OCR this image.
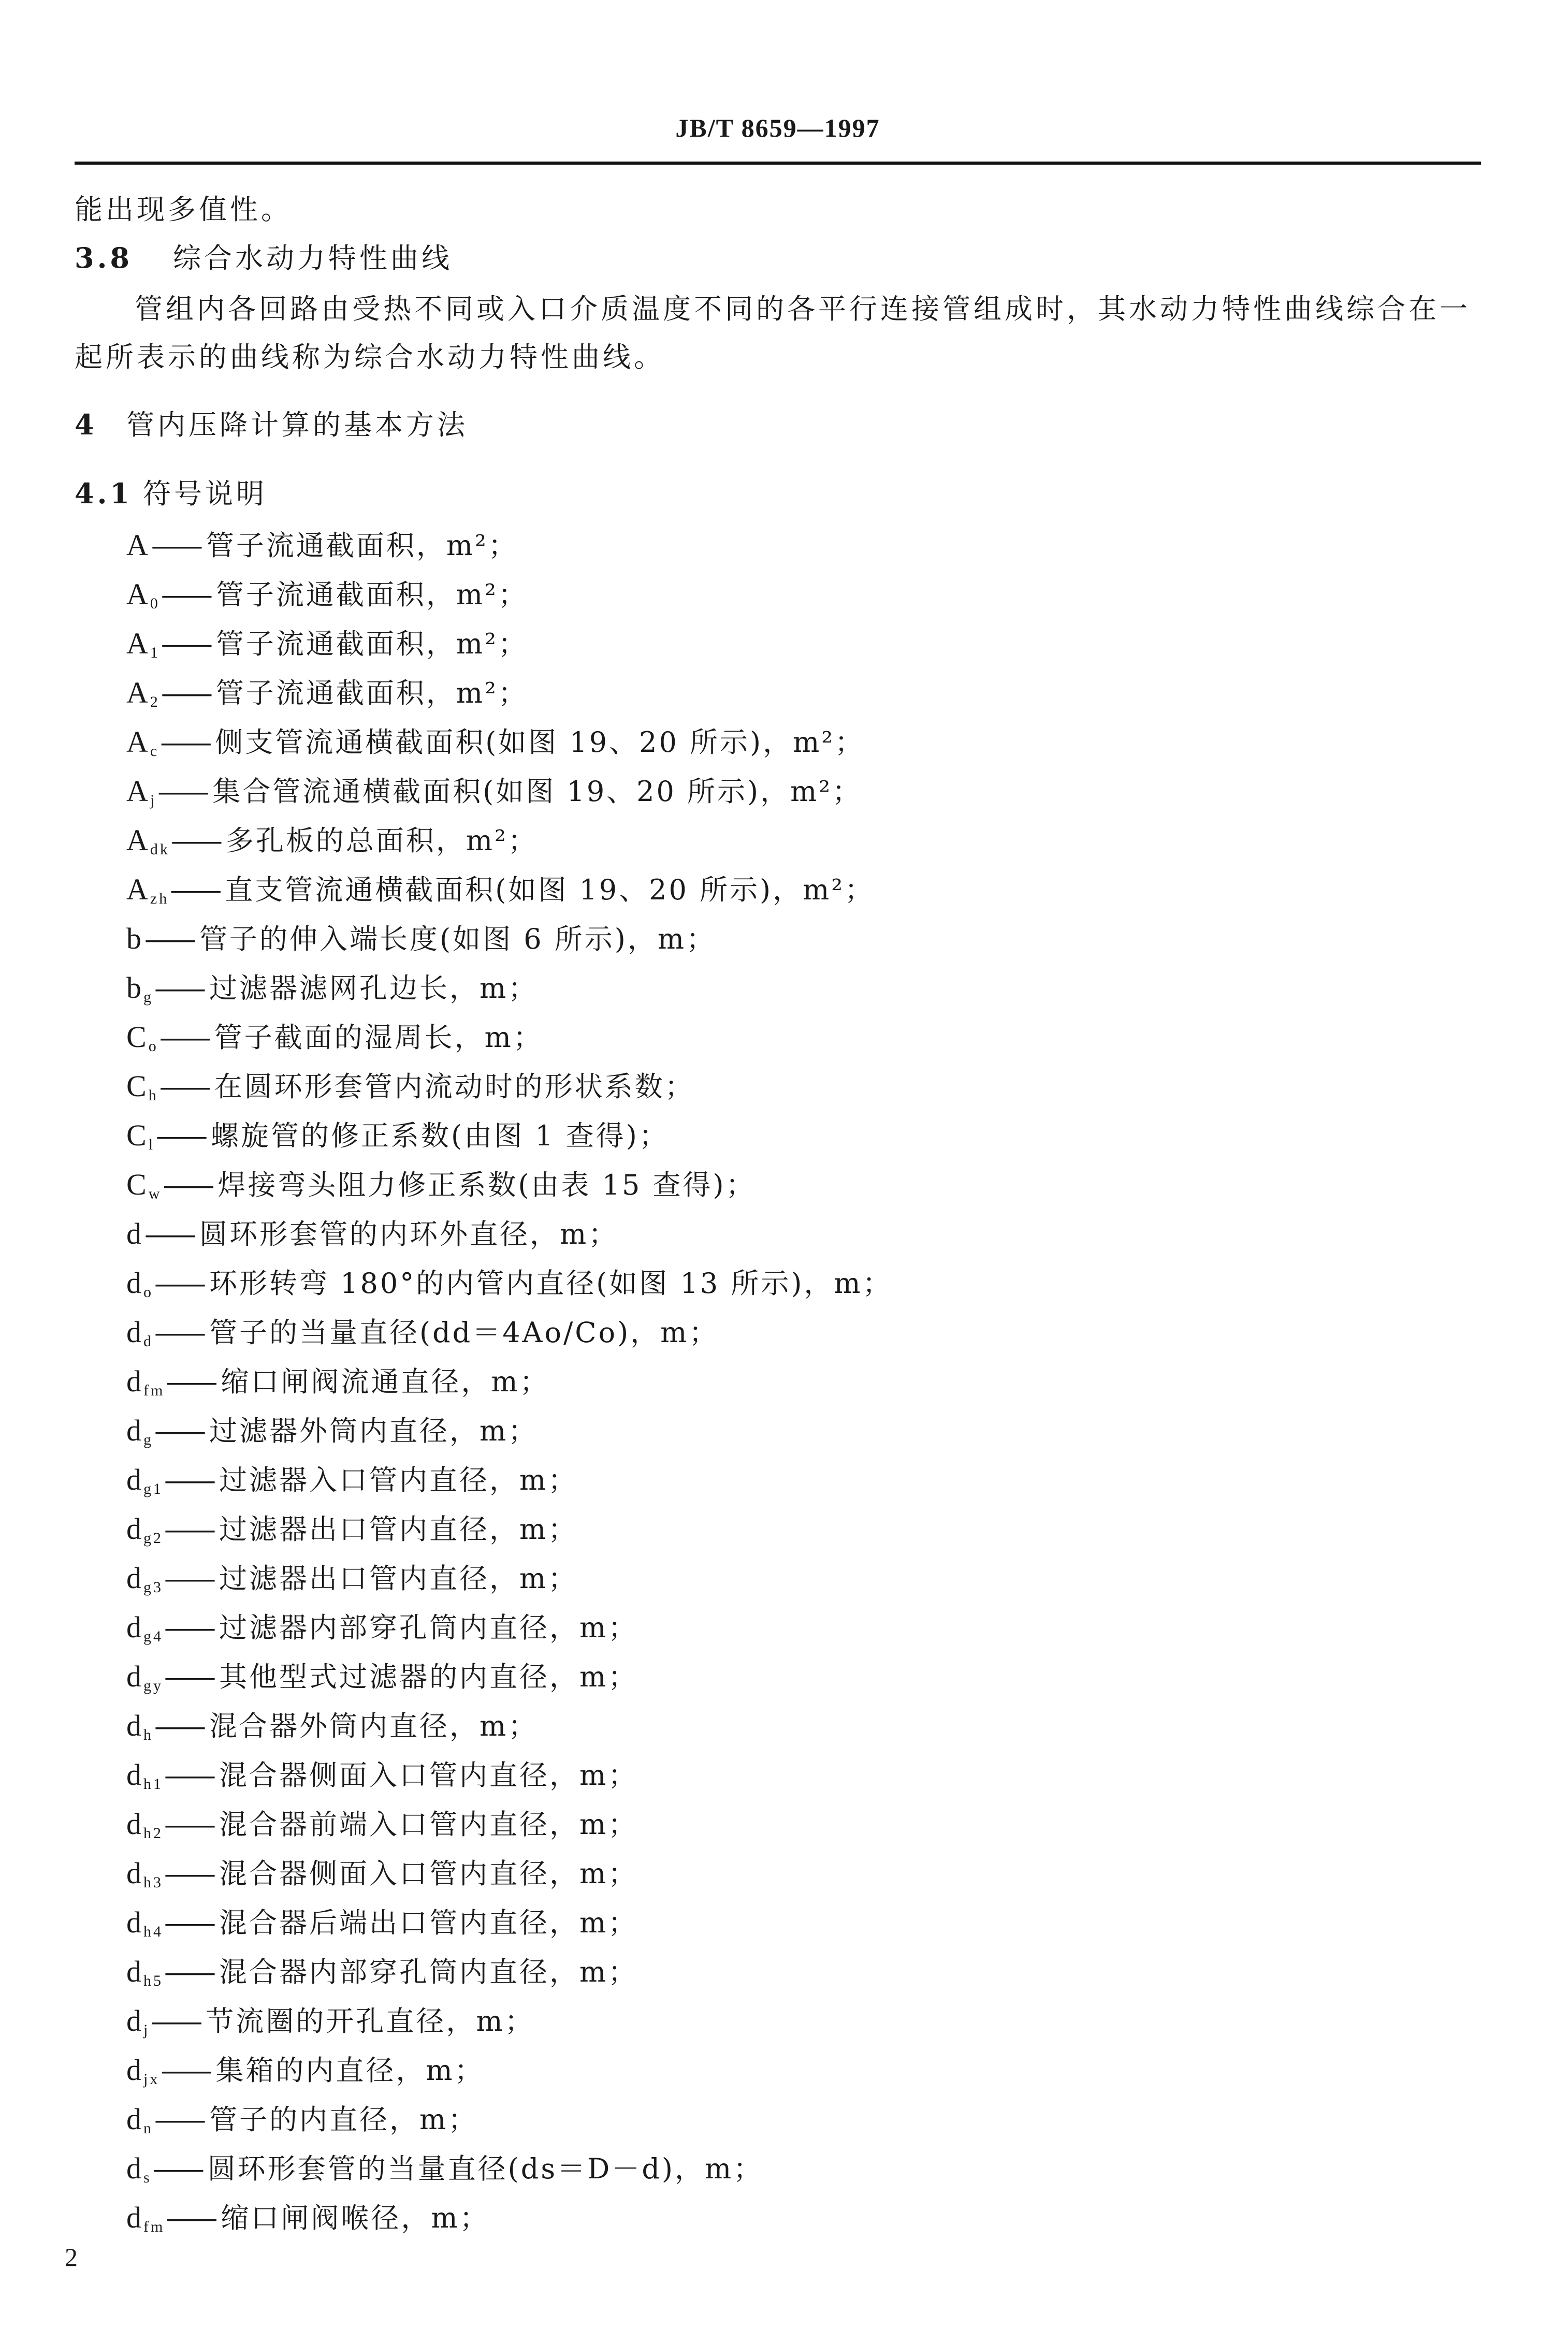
JB/T 8659—1997
能出现多值性。
3.8 综合水动力特性曲线
管组内各回路由受热不同或入口介质温度不同的各平行连接管组成时，其水动力特性曲线综合在一
起所表示的曲线称为综合水动力特性曲线。
4 管内压降计算的基本方法
4.1 符号说明
A—— 管子流通截面积，m²；
$A_0——$ 管子流通截面积，m²；
$A_1——$ 管子流通截面积，m²；
$A_2——$ 管子流通截面积，m²；
$A_c——$ 侧支管流通横截面积(如图 19、20 所示)，m²；
$A_j——$ 集合管流通横截面积(如图 19、20 所示)，m²；
$A_{dk}——$ 多孔板的总面积，m²；
$A_{zh}——$ 直支管流通横截面积(如图 19、20 所示)，m²；
b—— 管子的伸入端长度(如图 6 所示)，m；
$b_g——$ 过滤器滤网孔边长，m；
$C_o——$ 管子截面的湿周长，m；
$C_h——$ 在圆环形套管内流动时的形状系数；
$C_l——$ 螺旋管的修正系数(由图 1 查得)；
$C_w——$ 焊接弯头阻力修正系数(由表 15 查得)；
d—— 圆环形套管的内环外直径，m；
$d_o——$ 环形转弯 180°的内管内直径(如图 13 所示)，m；
$d_d——$ 管子的当量直径(dd＝4Ao/Co)，m；
$d_{fm}——$ 缩口闸阀流通直径，m；
$d_g——$ 过滤器外筒内直径，m；
$d_{g1}——$ 过滤器入口管内直径，m；
$d_{g2}——$ 过滤器出口管内直径，m；
$d_{g3}——$ 过滤器出口管内直径，m；
$d_{g4}——$ 过滤器内部穿孔筒内直径，m；
$d_{gy}——$ 其他型式过滤器的内直径，m；
$d_h——$ 混合器外筒内直径，m；
$d_{h1}——$ 混合器侧面入口管内直径，m；
$d_{h2}——$ 混合器前端入口管内直径，m；
$d_{h3}——$ 混合器侧面入口管内直径，m；
$d_{h4}——$ 混合器后端出口管内直径，m；
$d_{h5}——$ 混合器内部穿孔筒内直径，m；
$d_j——$ 节流圈的开孔直径，m；
$d_{jx}——$ 集箱的内直径，m；
$d_n——$ 管子的内直径，m；
$d_s——$ 圆环形套管的当量直径(ds＝D－d)，m；
$d_{fm}——$ 缩口闸阀喉径，m；
2
